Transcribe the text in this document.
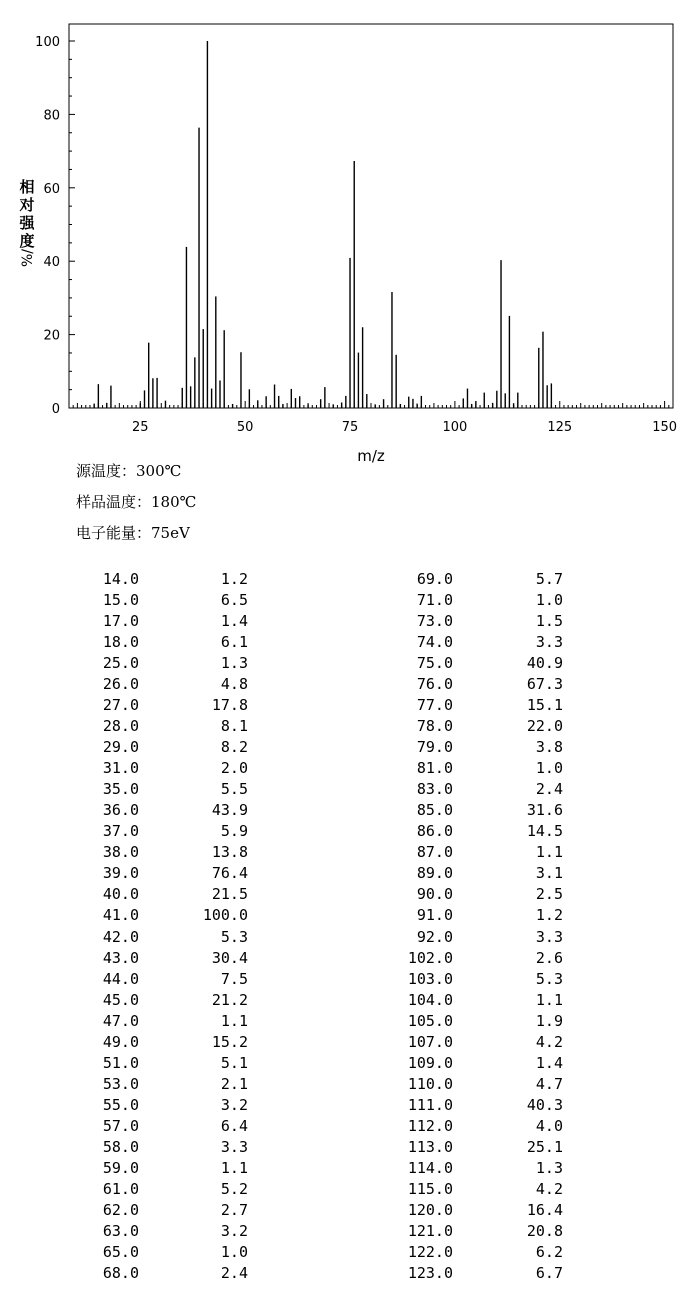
0
20
40
60
80
100
25	50	75	100	125	150
相
对
强
度
%/
m/z
源温度：300℃
样品温度：180℃
电子能量：75eV
14.0	1.2
15.0	6.5
17.0	1.4
18.0	6.1
25.0	1.3
26.0	4.8
27.0	17.8
28.0	8.1
29.0	8.2
31.0	2.0
35.0	5.5
36.0	43.9
37.0	5.9
38.0	13.8
39.0	76.4
40.0	21.5
41.0	100.0
42.0	5.3
43.0	30.4
44.0	7.5
45.0	21.2
47.0	1.1
49.0	15.2
51.0	5.1
53.0	2.1
55.0	3.2
57.0	6.4
58.0	3.3
59.0	1.1
61.0	5.2
62.0	2.7
63.0	3.2
65.0	1.0
68.0	2.4
69.0	5.7
71.0	1.0
73.0	1.5
74.0	3.3
75.0	40.9
76.0	67.3
77.0	15.1
78.0	22.0
79.0	3.8
81.0	1.0
83.0	2.4
85.0	31.6
86.0	14.5
87.0	1.1
89.0	3.1
90.0	2.5
91.0	1.2
92.0	3.3
102.0	2.6
103.0	5.3
104.0	1.1
105.0	1.9
107.0	4.2
109.0	1.4
110.0	4.7
111.0	40.3
112.0	4.0
113.0	25.1
114.0	1.3
115.0	4.2
120.0	16.4
121.0	20.8
122.0	6.2
123.0	6.7
